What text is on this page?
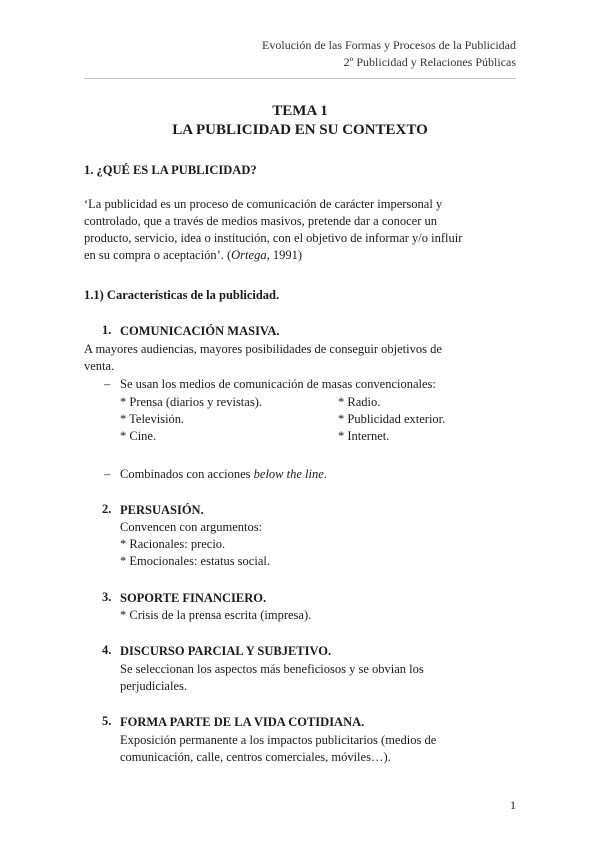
Evolución de las Formas y Procesos de la Publicidad
2º Publicidad y Relaciones Públicas
TEMA 1
LA PUBLICIDAD EN SU CONTEXTO
1. ¿QUÉ ES LA PUBLICIDAD?
‘La publicidad es un proceso de comunicación de carácter impersonal y
controlado, que a través de medios masivos, pretende dar a conocer un
producto, servicio, idea o institución, con el objetivo de informar y/o influir
en su compra o aceptación’. (Ortega, 1991)
1.1) Características de la publicidad.
1. COMUNICACIÓN MASIVA.
A mayores audiencias, mayores posibilidades de conseguir objetivos de
venta.
– Se usan los medios de comunicación de masas convencionales:
* Prensa (diarios y revistas).
* Televisión.
* Cine.
* Radio.
* Publicidad exterior.
* Internet.
– Combinados con acciones below the line.
2. PERSUASIÓN.
Convencen con argumentos:
* Racionales: precio.
* Emocionales: estatus social.
3. SOPORTE FINANCIERO.
* Crisis de la prensa escrita (impresa).
4. DISCURSO PARCIAL Y SUBJETIVO.
Se seleccionan los aspectos más beneficiosos y se obvian los
perjudiciales.
5. FORMA PARTE DE LA VIDA COTIDIANA.
Exposición permanente a los impactos publicitarios (medios de
comunicación, calle, centros comerciales, móviles…).
1
